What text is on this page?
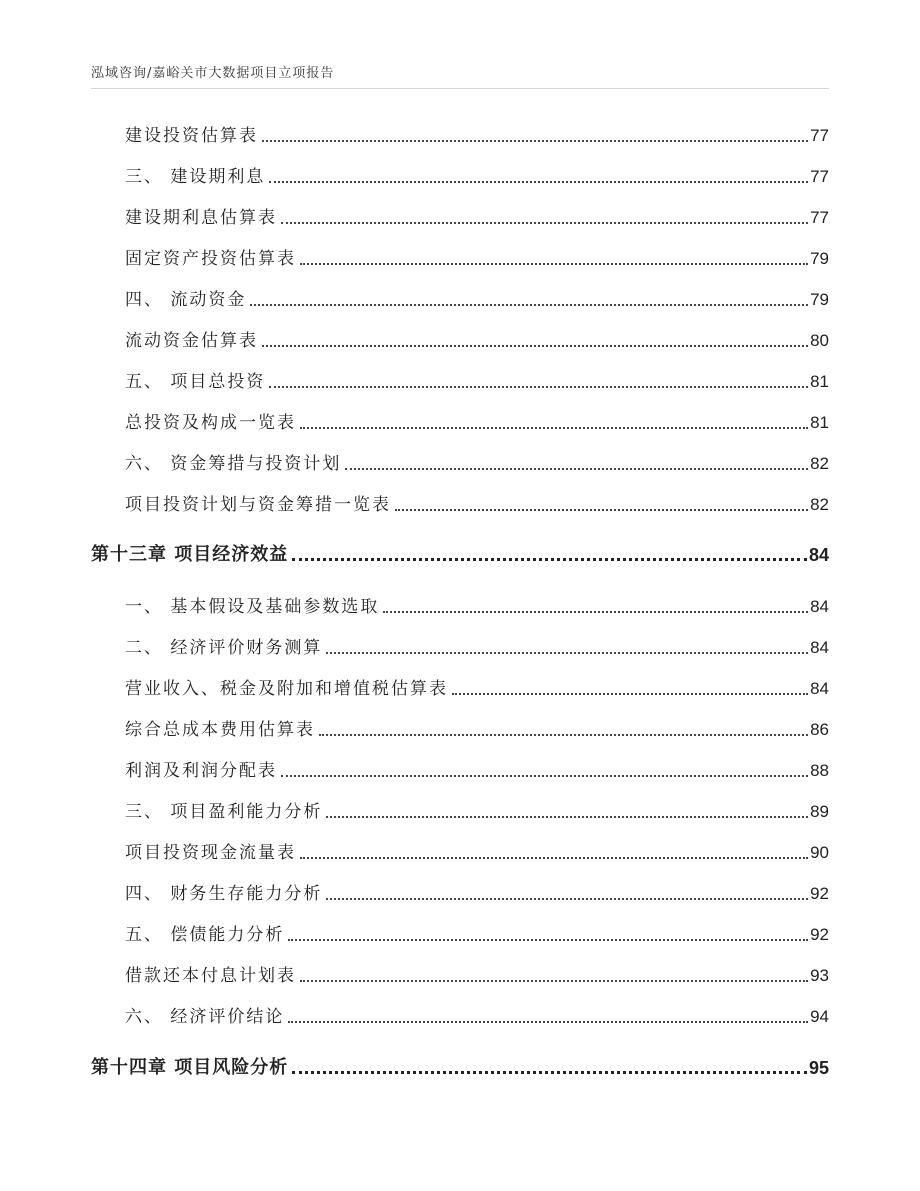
泓域咨询/嘉峪关市大数据项目立项报告
建设投资估算表	77
三、 建设期利息	77
建设期利息估算表	77
固定资产投资估算表	79
四、 流动资金	79
流动资金估算表	80
五、 项目总投资	81
总投资及构成一览表	81
六、 资金筹措与投资计划	82
项目投资计划与资金筹措一览表	82
第十三章 项目经济效益	84
一、 基本假设及基础参数选取	84
二、 经济评价财务测算	84
营业收入、税金及附加和增值税估算表	84
综合总成本费用估算表	86
利润及利润分配表	88
三、 项目盈利能力分析	89
项目投资现金流量表	90
四、 财务生存能力分析	92
五、 偿债能力分析	92
借款还本付息计划表	93
六、 经济评价结论	94
第十四章 项目风险分析	95
